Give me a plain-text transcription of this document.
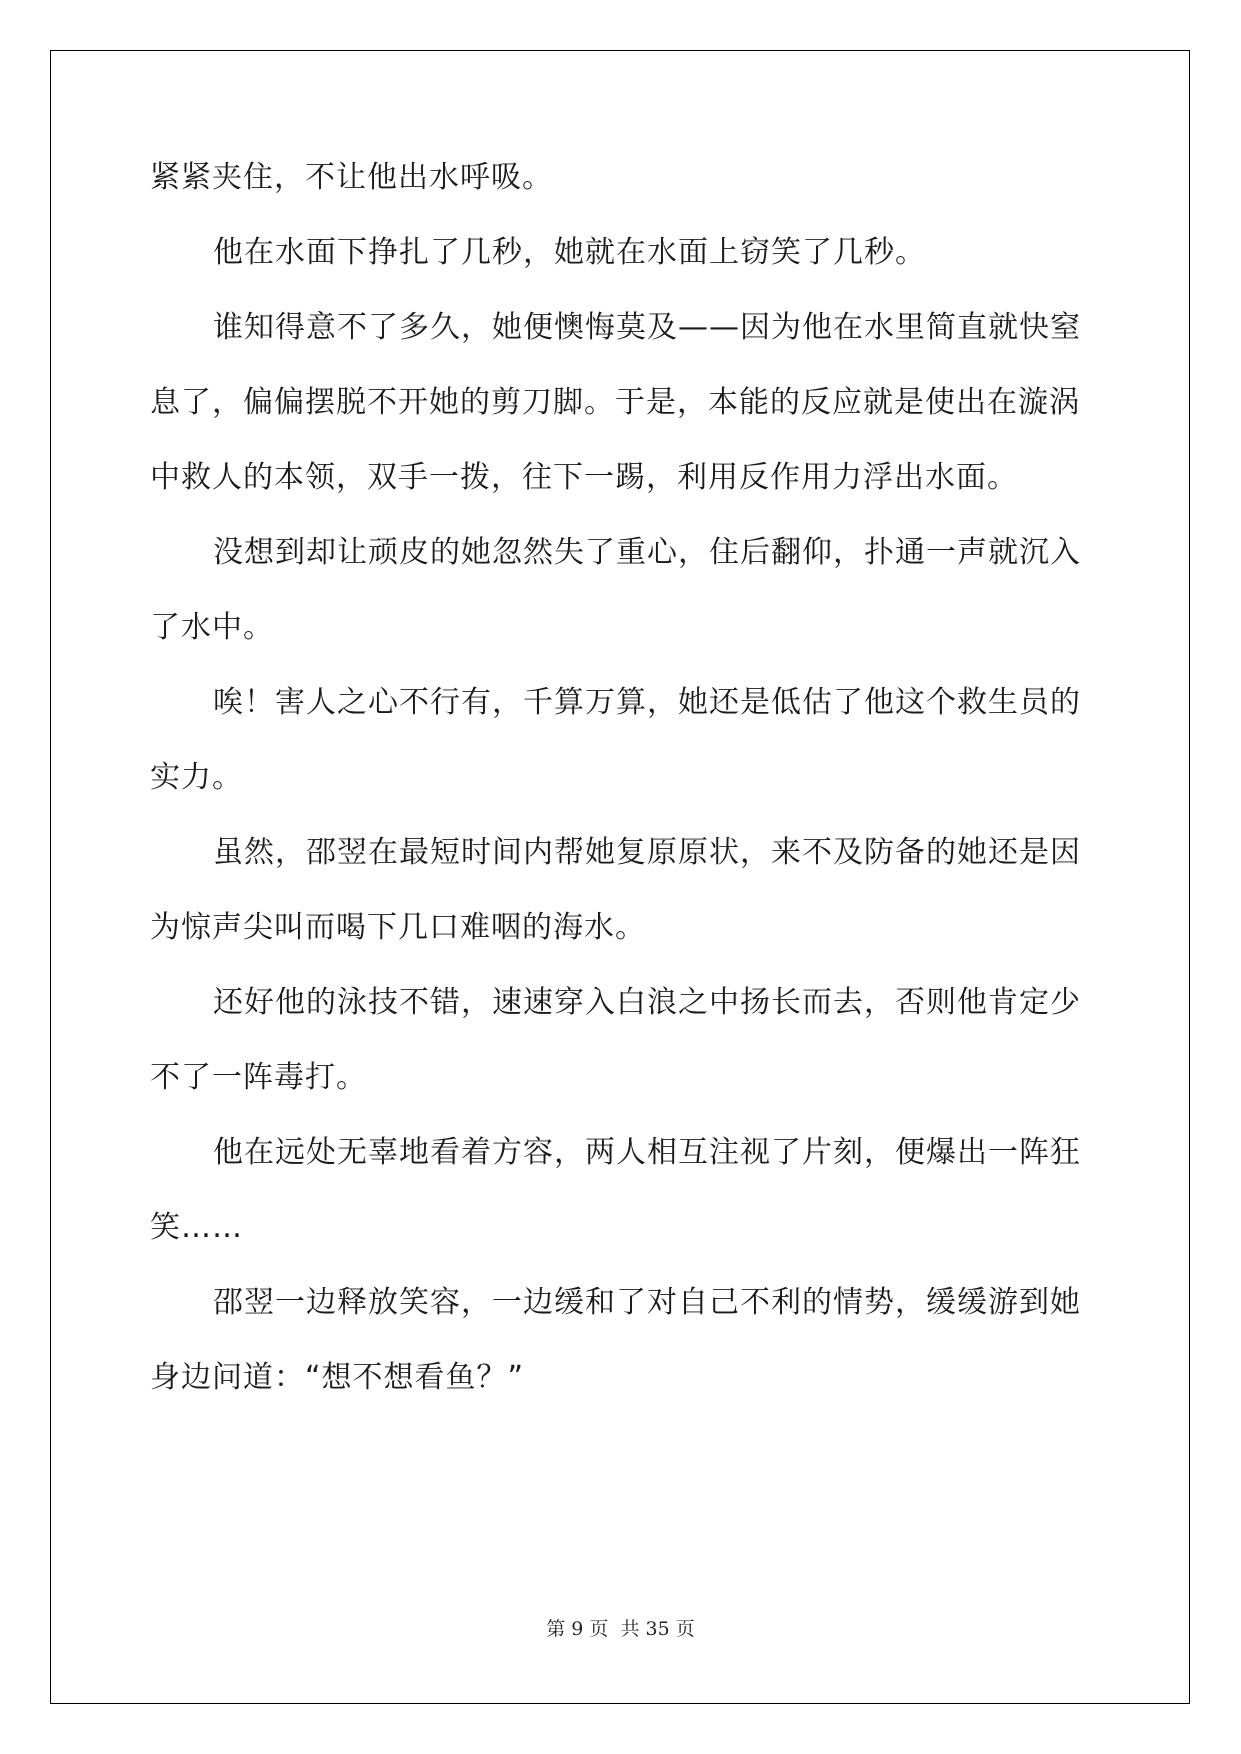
紧紧夹住，不让他出水呼吸。
他在水面下挣扎了几秒，她就在水面上窃笑了几秒。
谁知得意不了多久，她便懊悔莫及——因为他在水里简直就快窒
息了，偏偏摆脱不开她的剪刀脚。于是，本能的反应就是使出在漩涡
中救人的本领，双手一拨，往下一踢，利用反作用力浮出水面。
没想到却让顽皮的她忽然失了重心，住后翻仰，扑通一声就沉入
了水中。
唉！害人之心不行有，千算万算，她还是低估了他这个救生员的
实力。
虽然，邵翌在最短时间内帮她复原原状，来不及防备的她还是因
为惊声尖叫而喝下几口难咽的海水。
还好他的泳技不错，速速穿入白浪之中扬长而去，否则他肯定少
不了一阵毒打。
他在远处无辜地看着方容，两人相互注视了片刻，便爆出一阵狂
笑……
邵翌一边释放笑容，一边缓和了对自己不利的情势，缓缓游到她
身边问道：“想不想看鱼？”
第 9 页 共 35 页
